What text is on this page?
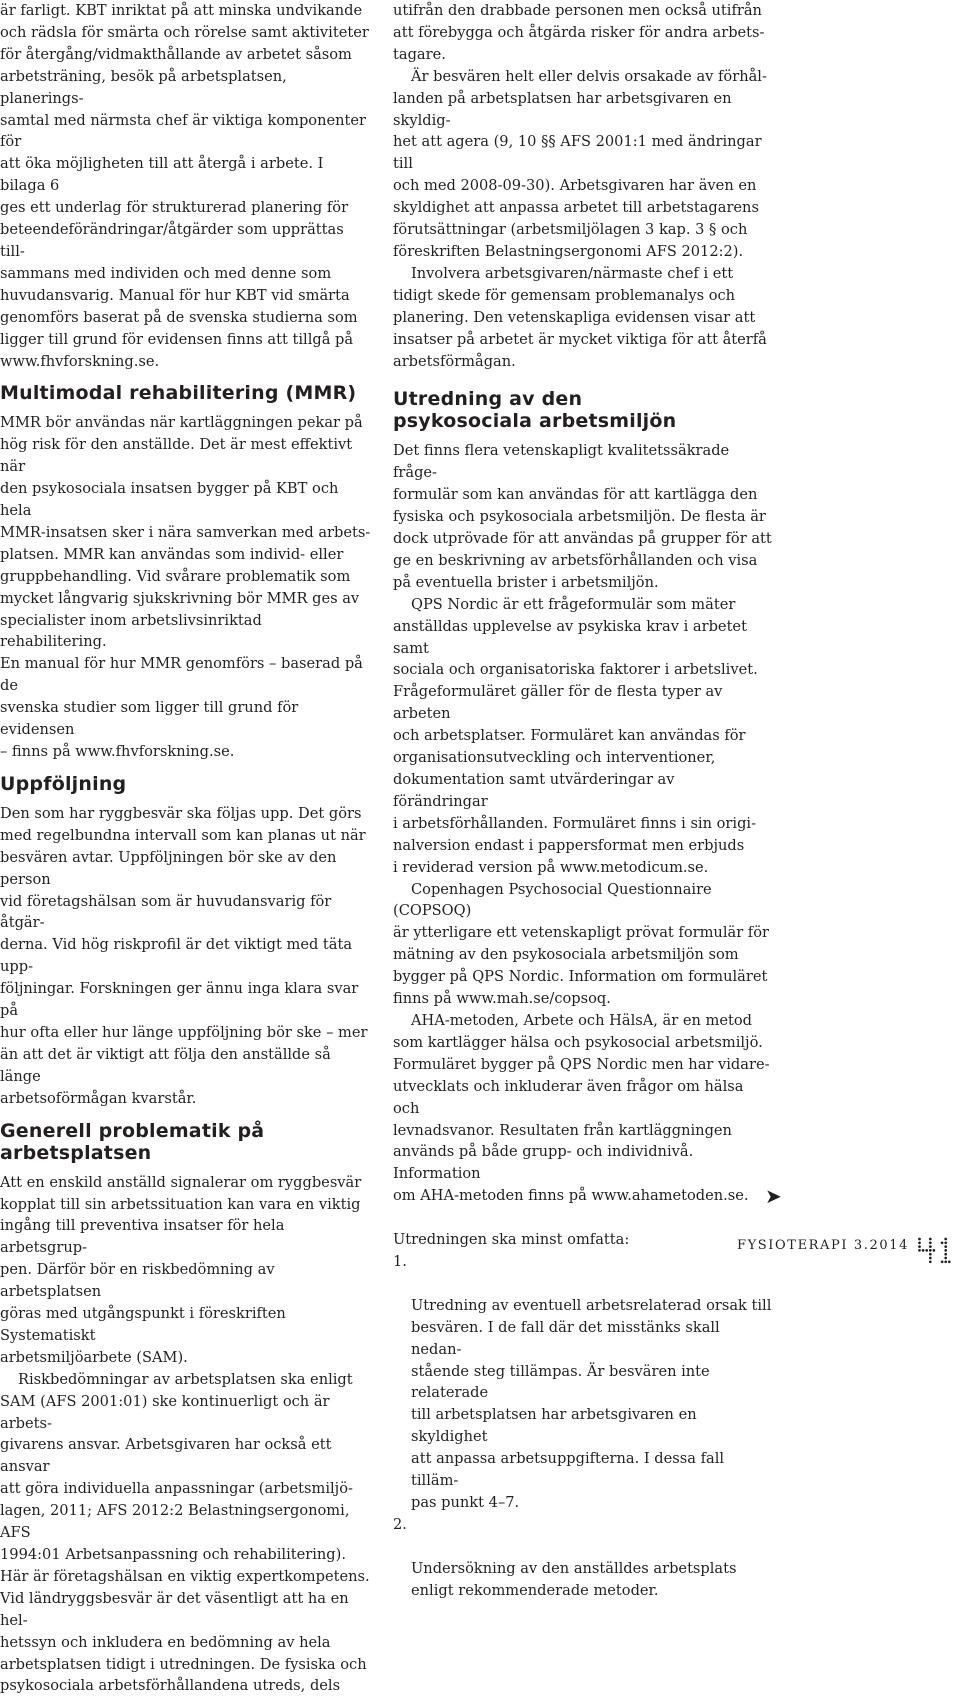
är farligt. KBT inriktat på att minska undvikande
och rädsla för smärta och rörelse samt aktiviteter
för återgång/vidmakthållande av arbetet såsom
arbetsträning, besök på arbetsplatsen, planerings-
samtal med närmsta chef är viktiga komponenter för
att öka möjligheten till att återgå i arbete. I bilaga 6
ges ett underlag för strukturerad planering för
beteendeförändringar/åtgärder som upprättas till-
sammans med individen och med denne som
huvudansvarig. Manual för hur KBT vid smärta
genomförs baserat på de svenska studierna som
ligger till grund för evidensen finns att tillgå på
www.fhvforskning.se.

Multimodal rehabilitering (MMR)

MMR bör användas när kartläggningen pekar på
hög risk för den anställde. Det är mest effektivt när
den psykosociala insatsen bygger på KBT och hela
MMR-insatsen sker i nära samverkan med arbets-
platsen. MMR kan användas som individ- eller
gruppbehandling. Vid svårare problematik som
mycket långvarig sjukskrivning bör MMR ges av
specialister inom arbetslivsinriktad rehabilitering.
En manual för hur MMR genomförs – baserad på de
svenska studier som ligger till grund för evidensen
– finns på www.fhvforskning.se.

Uppföljning

Den som har ryggbesvär ska följas upp. Det görs
med regelbundna intervall som kan planas ut när
besvären avtar. Uppföljningen bör ske av den person
vid företagshälsan som är huvudansvarig för åtgär-
derna. Vid hög riskprofil är det viktigt med täta upp-
följningar. Forskningen ger ännu inga klara svar på
hur ofta eller hur länge uppföljning bör ske – mer
än att det är viktigt att följa den anställde så länge
arbetsoförmågan kvarstår.

Generell problematik på arbetsplatsen

Att en enskild anställd signalerar om ryggbesvär
kopplat till sin arbetssituation kan vara en viktig
ingång till preventiva insatser för hela arbetsgrup-
pen. Därför bör en riskbedömning av arbetsplatsen
göras med utgångspunkt i föreskriften Systematiskt
arbetsmiljöarbete (SAM).

Riskbedömningar av arbetsplatsen ska enligt
SAM (AFS 2001:01) ske kontinuerligt och är arbets-
givarens ansvar. Arbetsgivaren har också ett ansvar
att göra individuella anpassningar (arbetsmiljö-
lagen, 2011; AFS 2012:2 Belastningsergonomi, AFS
1994:01 Arbetsanpassning och rehabilitering).
Här är företagshälsan en viktig expertkompetens.
Vid ländryggsbesvär är det väsentligt att ha en hel-
hetssyn och inkludera en bedömning av hela
arbetsplatsen tidigt i utredningen. De fysiska och
psykosociala arbetsförhållandena utreds, dels

utifrån den drabbade personen men också utifrån
att förebygga och åtgärda risker för andra arbets-
tagare.

Är besvären helt eller delvis orsakade av förhål-
landen på arbetsplatsen har arbetsgivaren en skyldig-
het att agera (9, 10 §§ AFS 2001:1 med ändringar till
och med 2008-09-30). Arbetsgivaren har även en
skyldighet att anpassa arbetet till arbetstagarens
förutsättningar (arbetsmiljölagen 3 kap. 3 § och
föreskriften Belastningsergonomi AFS 2012:2).

Involvera arbetsgivaren/närmaste chef i ett
tidigt skede för gemensam problemanalys och
planering. Den vetenskapliga evidensen visar att
insatser på arbetet är mycket viktiga för att återfå
arbetsförmågan.

Utredning av den
psykosociala arbetsmiljön

Det finns flera vetenskapligt kvalitetssäkrade fråge-
formulär som kan användas för att kartlägga den
fysiska och psykosociala arbetsmiljön. De flesta är
dock utprövade för att användas på grupper för att
ge en beskrivning av arbetsförhållanden och visa
på eventuella brister i arbetsmiljön.

QPS Nordic är ett frågeformulär som mäter
anställdas upplevelse av psykiska krav i arbetet samt
sociala och organisatoriska faktorer i arbetslivet.
Frågeformuläret gäller för de flesta typer av arbeten
och arbetsplatser. Formuläret kan användas för
organisationsutveckling och interventioner,
dokumentation samt utvärderingar av förändringar
i arbetsförhållanden. Formuläret finns i sin origi-
nalversion endast i pappersformat men erbjuds
i reviderad version på www.metodicum.se.

Copenhagen Psychosocial Questionnaire (COPSOQ)
är ytterligare ett vetenskapligt prövat formulär för
mätning av den psykosociala arbetsmiljön som
bygger på QPS Nordic. Information om formuläret
finns på www.mah.se/copsoq.

AHA-metoden, Arbete och HälsA, är en metod
som kartlägger hälsa och psykosocial arbetsmiljö.
Formuläret bygger på QPS Nordic men har vidare-
utvecklats och inkluderar även frågor om hälsa och
levnadsvanor. Resultaten från kartläggningen
används på både grupp- och individnivå. Information
om AHA-metoden finns på www.ahametoden.se.

Utredningen ska minst omfatta:

1.

Utredning av eventuell arbetsrelaterad orsak till
besvären. I de fall där det misstänks skall nedan-
stående steg tillämpas. Är besvären inte relaterade
till arbetsplatsen har arbetsgivaren en skyldighet
att anpassa arbetsuppgifterna. I dessa fall tilläm-
pas punkt 4–7.

2.

Undersökning av den anställdes arbetsplats
enligt rekommenderade metoder.

➤
FYSIOTERAPI 3.2014
